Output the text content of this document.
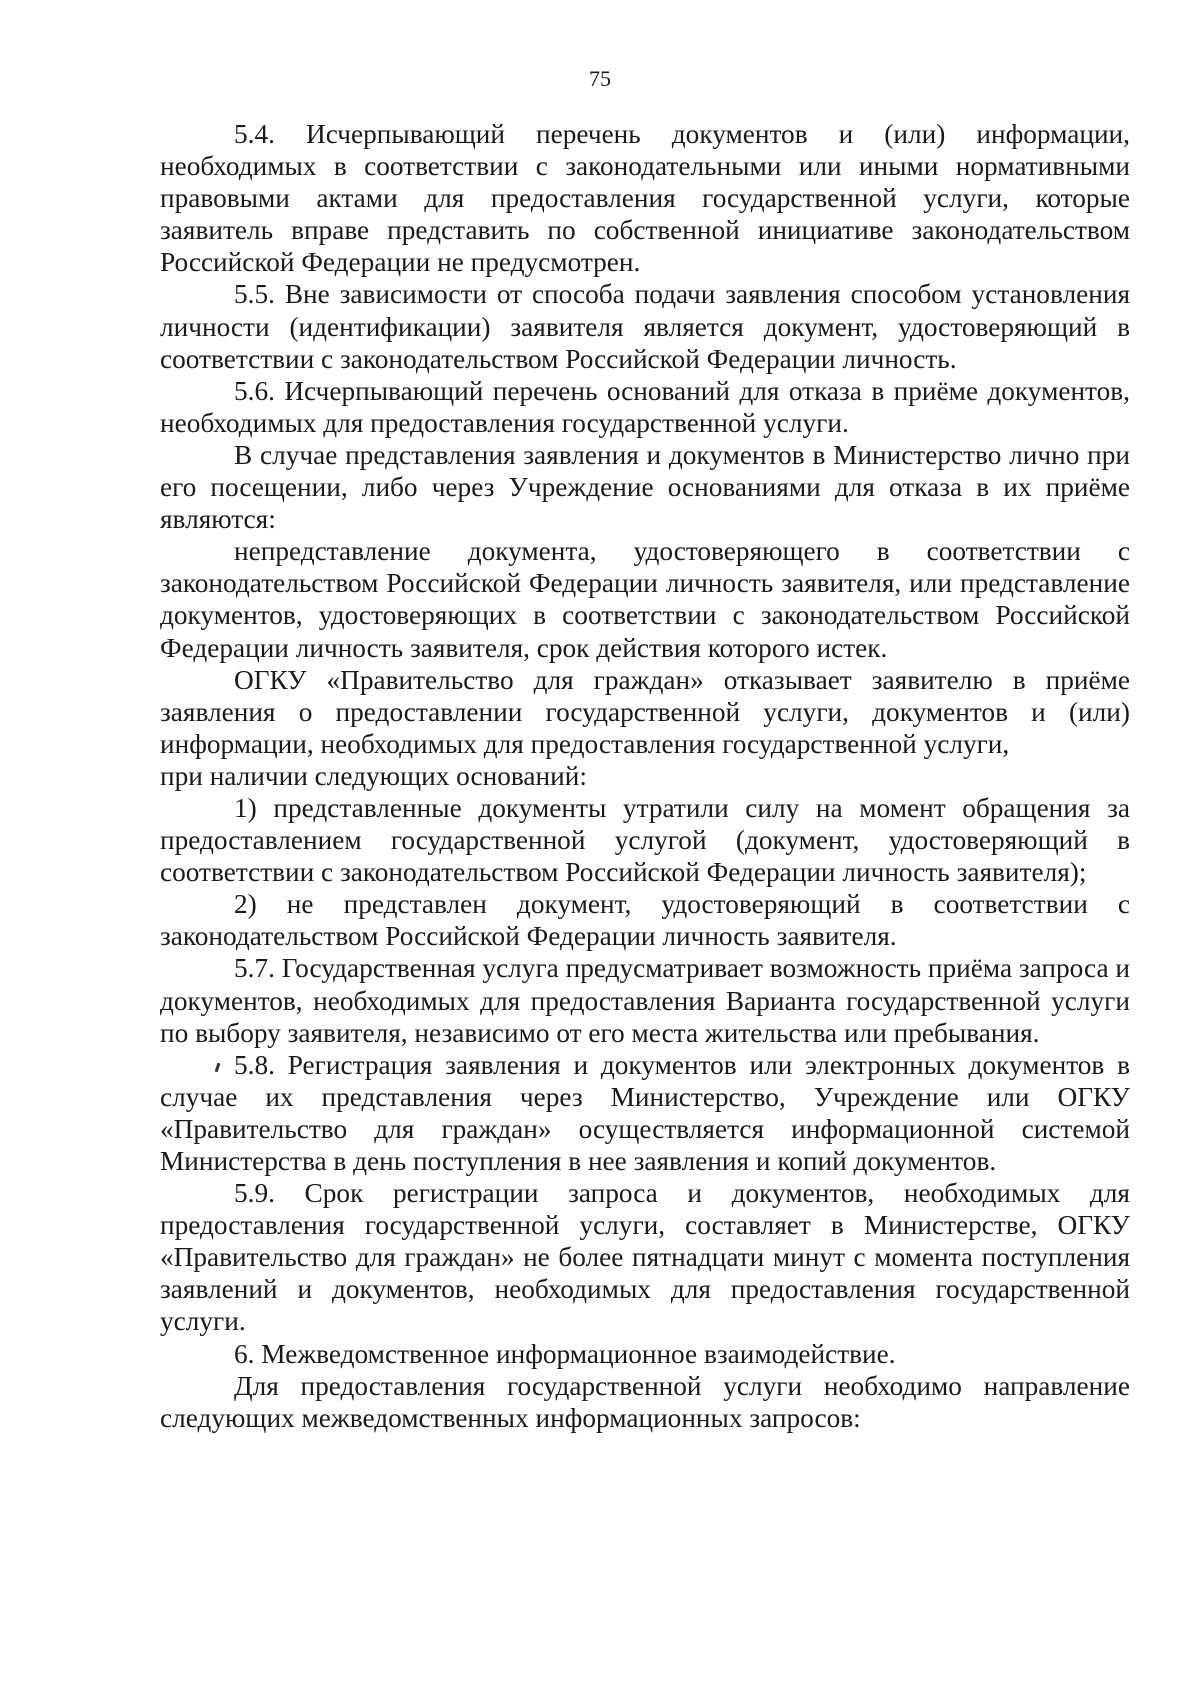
75

5.4. Исчерпывающий перечень документов и (или) информации, необходимых в соответствии с законодательными или иными нормативными правовыми актами для предоставления государственной услуги, которые заявитель вправе представить по собственной инициативе законодательством Российской Федерации не предусмотрен.

5.5. Вне зависимости от способа подачи заявления способом установления личности (идентификации) заявителя является документ, удостоверяющий в соответствии с законодательством Российской Федерации личность.

5.6. Исчерпывающий перечень оснований для отказа в приёме документов, необходимых для предоставления государственной услуги.

В случае представления заявления и документов в Министерство лично при его посещении, либо через Учреждение основаниями для отказа в их приёме являются:

непредставление документа, удостоверяющего в соответствии с законодательством Российской Федерации личность заявителя, или представление документов, удостоверяющих в соответствии с законодательством Российской Федерации личность заявителя, срок действия которого истек.

ОГКУ «Правительство для граждан» отказывает заявителю в приёме заявления о предоставлении государственной услуги, документов и (или) информации, необходимых для предоставления государственной услуги,

при наличии следующих оснований:

1) представленные документы утратили силу на момент обращения за предоставлением государственной услугой (документ, удостоверяющий в соответствии с законодательством Российской Федерации личность заявителя);

2) не представлен документ, удостоверяющий в соответствии с законодательством Российской Федерации личность заявителя.

5.7. Государственная услуга предусматривает возможность приёма запроса и документов, необходимых для предоставления Варианта государственной услуги по выбору заявителя, независимо от его места жительства или пребывания.

5.8. Регистрация заявления и документов или электронных документов в случае их представления через Министерство, Учреждение или ОГКУ «Правительство для граждан» осуществляется информационной системой Министерства в день поступления в нее заявления и копий документов.

5.9. Срок регистрации запроса и документов, необходимых для предоставления государственной услуги, составляет в Министерстве, ОГКУ «Правительство для граждан» не более пятнадцати минут с момента поступления заявлений и документов, необходимых для предоставления государственной услуги.

6. Межведомственное информационное взаимодействие.

Для предоставления государственной услуги необходимо направление следующих межведомственных информационных запросов:
